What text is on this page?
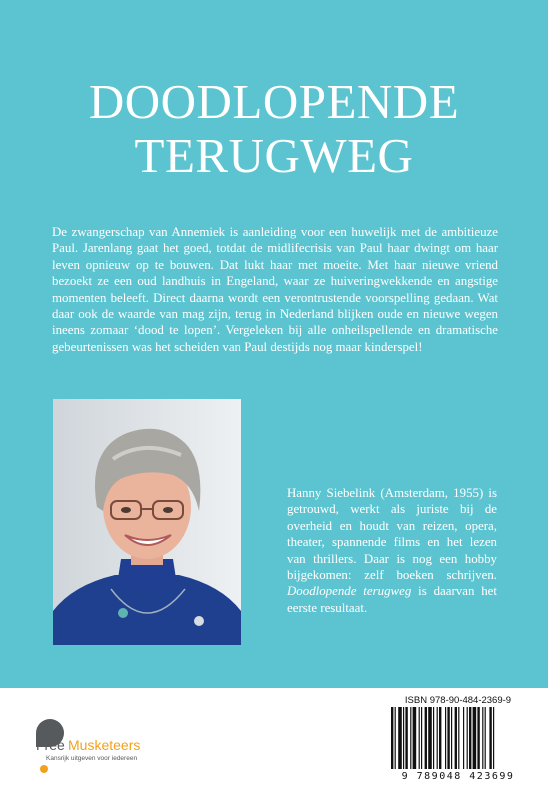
DOODLOPENDE
TERUGWEG

De zwangerschap van Annemiek is aanleiding voor een huwelijk met de ambitieuze Paul. Jarenlang gaat het goed, totdat de midlifecrisis van Paul haar dwingt om haar leven opnieuw op te bouwen. Dat lukt haar met moeite. Met haar nieuwe vriend bezoekt ze een oud landhuis in Engeland, waar ze huiveringwekkende en angstige momenten beleeft. Direct daarna wordt een verontrustende voorspelling gedaan. Wat daar ook de waarde van mag zijn, terug in Nederland blijken oude en nieuwe wegen ineens zomaar ‘dood te lopen’. Vergeleken bij alle onheilspellende en dramatische gebeurtenissen was het scheiden van Paul destijds nog maar kinderspel!

Hanny Siebelink (Amsterdam, 1955) is getrouwd, werkt als juriste bij de overheid en houdt van reizen, opera, theater, spannende films en het lezen van thrillers. Daar is nog een hobby bijgekomen: zelf boeken schrijven. Doodlopende terugweg is daarvan het eerste resultaat.

Free Musketeers
Kansrijk uitgeven voor iedereen
ISBN 978-90-484-2369-9
9 789048 423699
